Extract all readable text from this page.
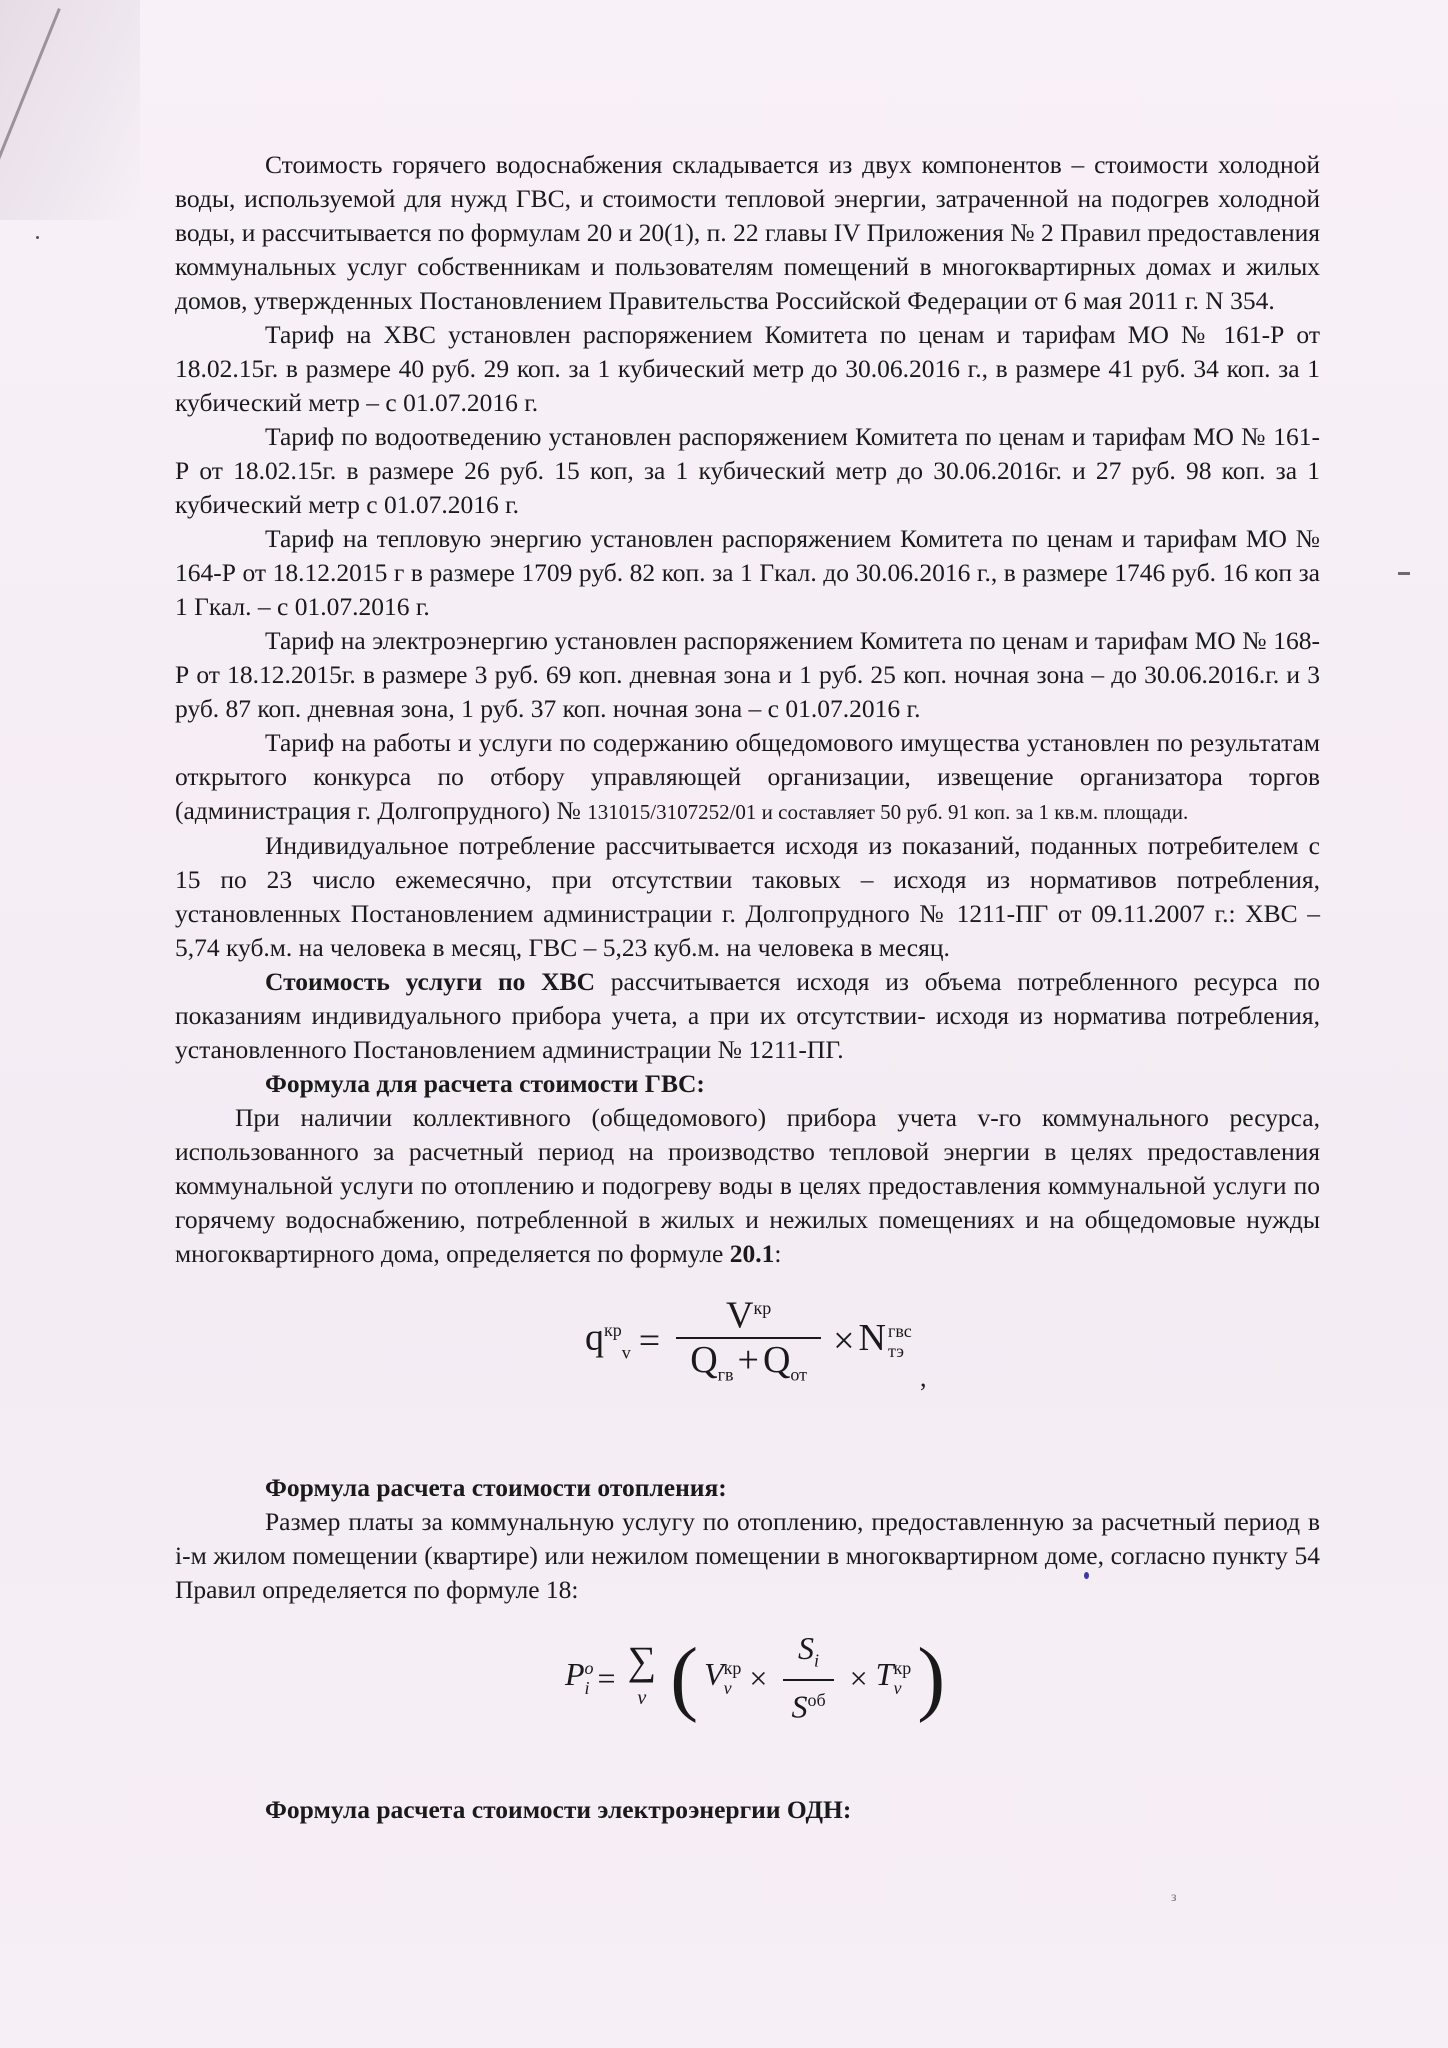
з

Стоимость горячего водоснабжения складывается из двух компонентов – стоимости холодной воды, используемой для нужд ГВС, и стоимости тепловой энергии, затраченной на подогрев холодной воды, и рассчитывается по формулам 20 и 20(1), п. 22 главы IV Приложения № 2 Правил предоставления коммунальных услуг собственникам и пользователям помещений в многоквартирных домах и жилых домов, утвержденных Постановлением Правительства Российской Федерации от 6 мая 2011 г. N 354.

Тариф на ХВС установлен распоряжением Комитета по ценам и тарифам МО № 161-Р от 18.02.15г. в размере 40 руб. 29 коп. за 1 кубический метр до 30.06.2016 г., в размере 41 руб. 34 коп. за 1 кубический метр – с 01.07.2016 г.

Тариф по водоотведению установлен распоряжением Комитета по ценам и тарифам МО № 161-Р от 18.02.15г. в размере 26 руб. 15 коп, за 1 кубический метр до 30.06.2016г. и 27 руб. 98 коп. за 1 кубический метр с 01.07.2016 г.

Тариф на тепловую энергию установлен распоряжением Комитета по ценам и тарифам МО № 164-Р от 18.12.2015 г в размере 1709 руб. 82 коп. за 1 Гкал. до 30.06.2016 г., в размере 1746 руб. 16 коп за 1 Гкал. – с 01.07.2016 г.

Тариф на электроэнергию установлен распоряжением Комитета по ценам и тарифам МО № 168-Р от 18.12.2015г. в размере 3 руб. 69 коп. дневная зона и 1 руб. 25 коп. ночная зона – до 30.06.2016.г. и 3 руб. 87 коп. дневная зона, 1 руб. 37 коп. ночная зона – с 01.07.2016 г.

Тариф на работы и услуги по содержанию общедомового имущества установлен по результатам открытого конкурса по отбору управляющей организации, извещение организатора торгов (администрация г. Долгопрудного) № 131015/3107252/01 и составляет 50 руб. 91 коп. за 1 кв.м. площади.

Индивидуальное потребление рассчитывается исходя из показаний, поданных потребителем с 15 по 23 число ежемесячно, при отсутствии таковых – исходя из нормативов потребления, установленных Постановлением администрации г. Долгопрудного № 1211-ПГ от 09.11.2007 г.: ХВС – 5,74 куб.м. на человека в месяц, ГВС – 5,23 куб.м. на человека в месяц.

Стоимость услуги по ХВС рассчитывается исходя из объема потребленного ресурса по показаниям индивидуального прибора учета, а при их отсутствии- исходя из норматива потребления, установленного Постановлением администрации № 1211-ПГ.

Формула для расчета стоимости ГВС:

При наличии коллективного (общедомового) прибора учета v-го коммунального ресурса, использованного за расчетный период на производство тепловой энергии в целях предоставления коммунальной услуги по отоплению и подогреву воды в целях предоставления коммунальной услуги по горячему водоснабжению, потребленной в жилых и нежилых помещениях и на общедомовые нужды многоквартирного дома, определяется по формуле 20.1:

$q^{кр}_v = \frac{V^{кр}}{Q_{гв} + Q_{от}} \times N$ гвс
тэ
,

Формула расчета стоимости отопления:

Размер платы за коммунальную услугу по отоплению, предоставленную за расчетный период в i-м жилом помещении (квартире) или нежилом помещении в многоквартирном доме, согласно пункту 54 Правил определяется по формуле 18:

P o
i = ∑
v ( V кр
$v \times \frac{S_i}{S^{об}} \times T$ кр
v )

Формула расчета стоимости электроэнергии ОДН:
